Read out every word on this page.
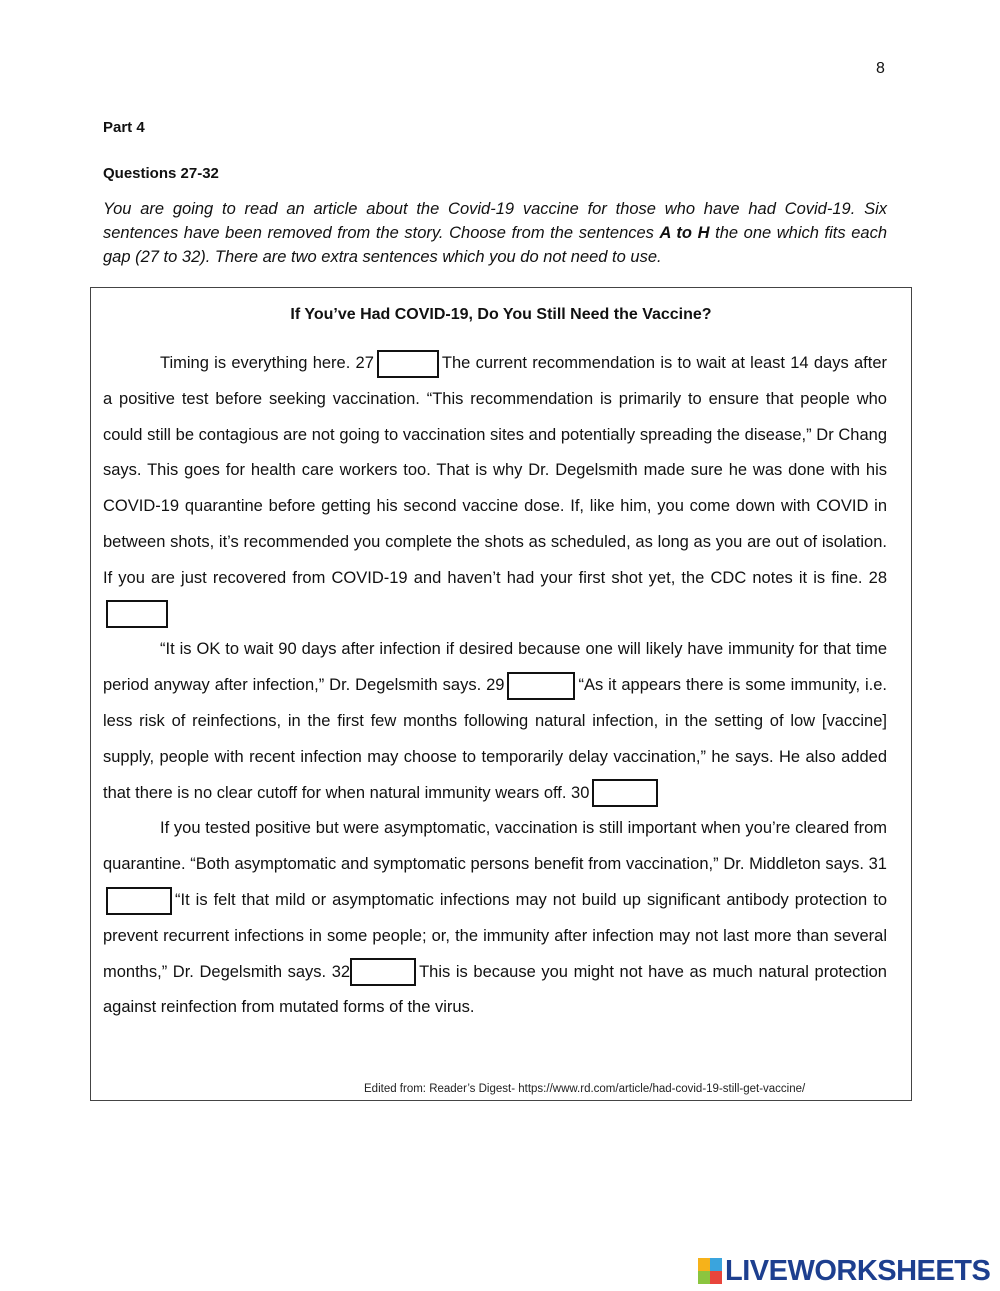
8
Part 4
Questions 27-32
You are going to read an article about the Covid-19 vaccine for those who have had Covid-19. Six sentences have been removed from the story. Choose from the sentences A to H the one which fits each gap (27 to 32). There are two extra sentences which you do not need to use.
If You’ve Had COVID-19, Do You Still Need the Vaccine?

Timing is everything here. 27	The current recommendation is to wait at least 14 days after a positive test before seeking vaccination. “This recommendation is primarily to ensure that people who could still be contagious are not going to vaccination sites and potentially spreading the disease,” Dr Chang says. This goes for health care workers too. That is why Dr. Degelsmith made sure he was done with his COVID-19 quarantine before getting his second vaccine dose. If, like him, you come down with COVID in between shots, it’s recommended you complete the shots as scheduled, as long as you are out of isolation. If you are just recovered from COVID-19 and haven’t had your first shot yet, the CDC notes it is fine. 28

“It is OK to wait 90 days after infection if desired because one will likely have immunity for that time period anyway after infection,” Dr. Degelsmith says. 29	“As it appears there is some immunity, i.e. less risk of reinfections, in the first few months following natural infection, in the setting of low [vaccine] supply, people with recent infection may choose to temporarily delay vaccination,” he says. He also added that there is no clear cutoff for when natural immunity wears off. 30

If you tested positive but were asymptomatic, vaccination is still important when you’re cleared from quarantine. “Both asymptomatic and symptomatic persons benefit from vaccination,” Dr. Middleton says. 31“It is felt that mild or asymptomatic infections may not build up significant antibody protection to prevent recurrent infections in some people; or, the immunity after infection may not last more than several months,” Dr. Degelsmith says. 32	This is because you might not have as much natural protection against reinfection from mutated forms of the virus.

Edited from: Reader’s Digest- https://www.rd.com/article/had-covid-19-still-get-vaccine/
LIVEWORKSHEETS
